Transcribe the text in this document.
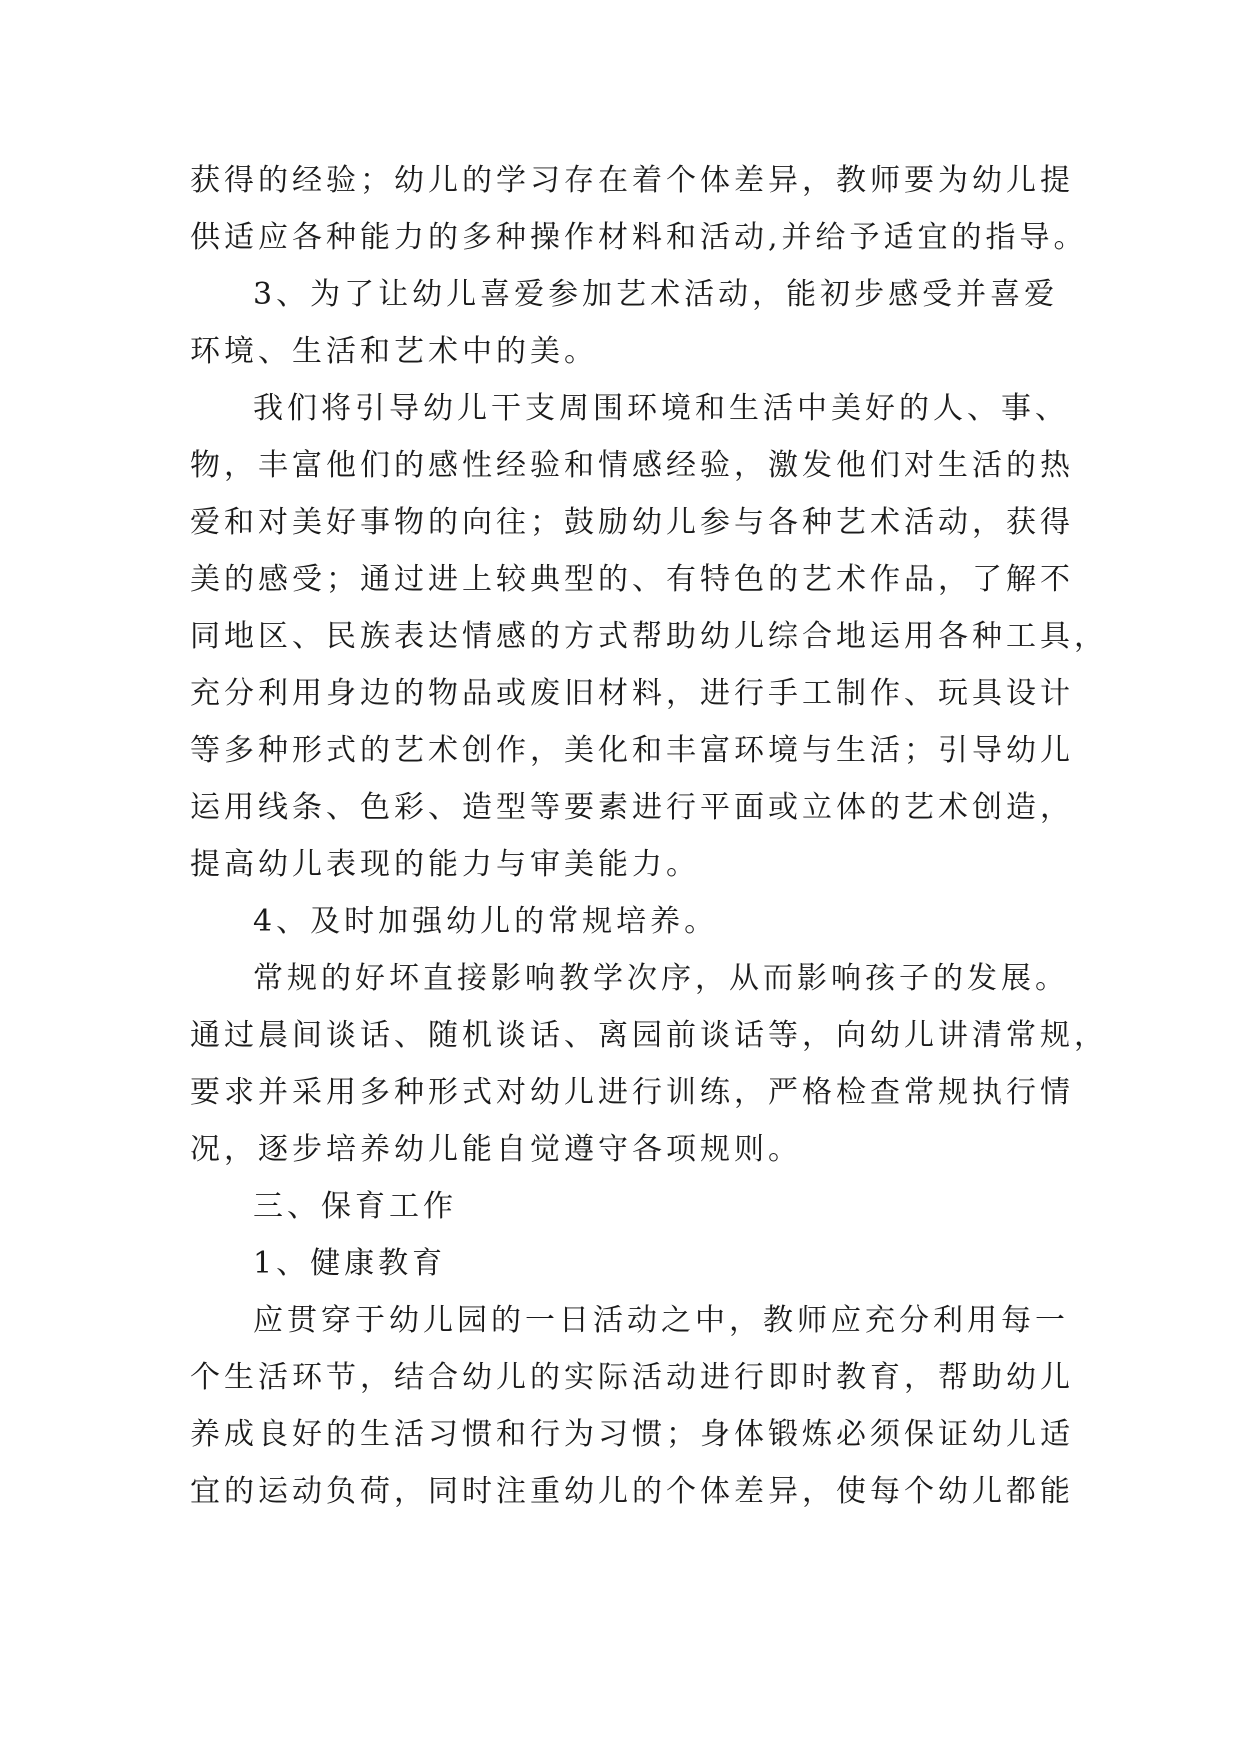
获得的经验；幼儿的学习存在着个体差异，教师要为幼儿提
供适应各种能力的多种操作材料和活动,并给予适宜的指导。
3、为了让幼儿喜爱参加艺术活动，能初步感受并喜爱
环境、生活和艺术中的美。
我们将引导幼儿干支周围环境和生活中美好的人、事、
物，丰富他们的感性经验和情感经验，激发他们对生活的热
爱和对美好事物的向往；鼓励幼儿参与各种艺术活动，获得
美的感受；通过进上较典型的、有特色的艺术作品，了解不
同地区、民族表达情感的方式帮助幼儿综合地运用各种工具，
充分利用身边的物品或废旧材料，进行手工制作、玩具设计
等多种形式的艺术创作，美化和丰富环境与生活；引导幼儿
运用线条、色彩、造型等要素进行平面或立体的艺术创造，
提高幼儿表现的能力与审美能力。
4、及时加强幼儿的常规培养。
常规的好坏直接影响教学次序，从而影响孩子的发展。
通过晨间谈话、随机谈话、离园前谈话等，向幼儿讲清常规，
要求并采用多种形式对幼儿进行训练，严格检查常规执行情
况，逐步培养幼儿能自觉遵守各项规则。
三、保育工作
1、健康教育
应贯穿于幼儿园的一日活动之中，教师应充分利用每一
个生活环节，结合幼儿的实际活动进行即时教育，帮助幼儿
养成良好的生活习惯和行为习惯；身体锻炼必须保证幼儿适
宜的运动负荷，同时注重幼儿的个体差异，使每个幼儿都能
